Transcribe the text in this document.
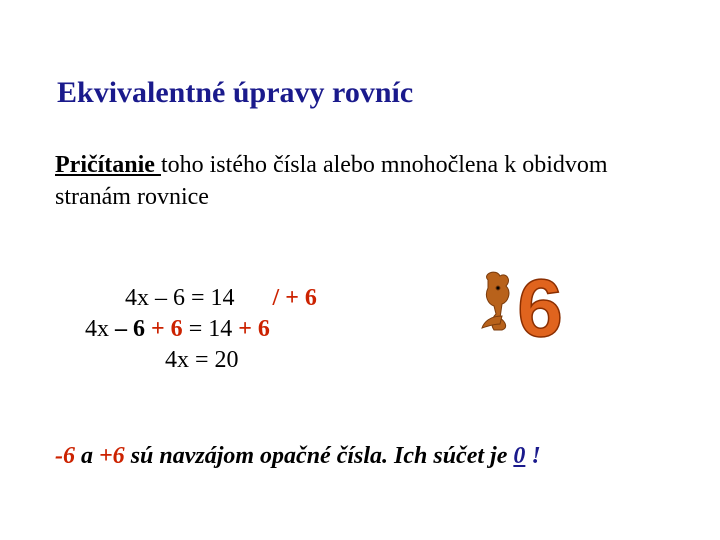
Ekvivalentné úpravy rovníc
Pričítanie toho istého čísla alebo mnohočlena k obidvom stranám rovnice
4x – 6 = 14 / + 6
4x – 6 + 6 = 14 + 6
4x = 20
6
-6 a +6 sú navzájom opačné čísla. Ich súčet je 0 !
